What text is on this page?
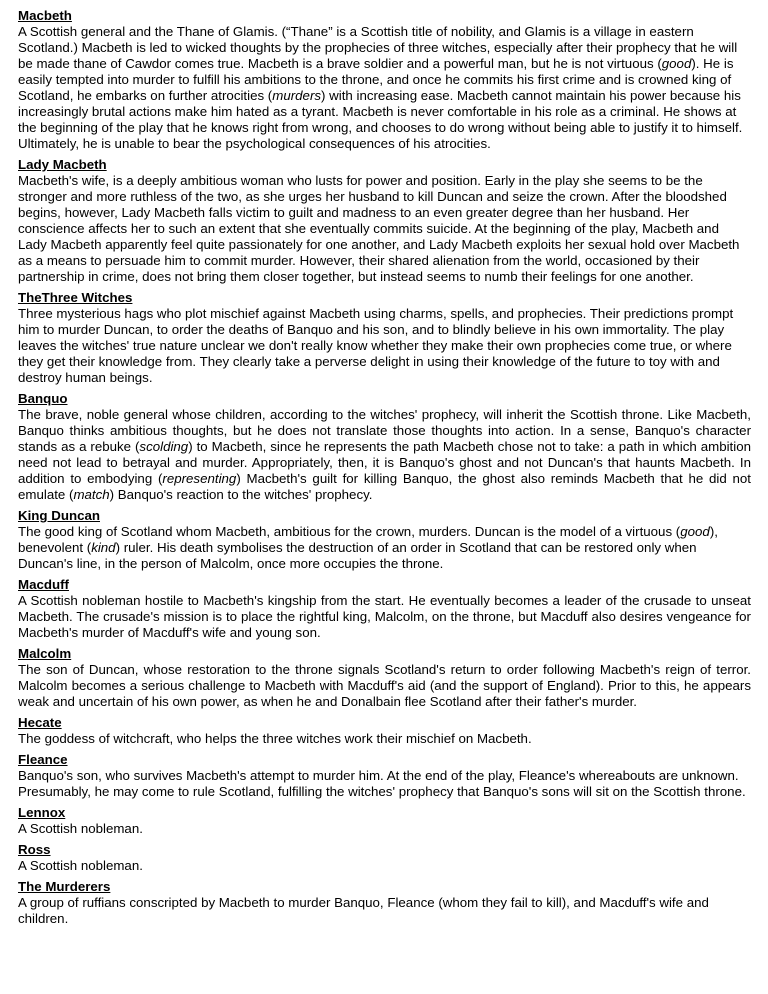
Macbeth
A Scottish general and the Thane of Glamis. (“Thane” is a Scottish title of nobility, and Glamis is a village in eastern Scotland.) Macbeth is led to wicked thoughts by the prophecies of three witches, especially after their prophecy that he will be made thane of Cawdor comes true. Macbeth is a brave soldier and a powerful man, but he is not virtuous (good). He is easily tempted into murder to fulfill his ambitions to the throne, and once he commits his first crime and is crowned king of Scotland, he embarks on further atrocities (murders) with increasing ease. Macbeth cannot maintain his power because his increasingly brutal actions make him hated as a tyrant. Macbeth is never comfortable in his role as a criminal. He shows at the beginning of the play that he knows right from wrong, and chooses to do wrong without being able to justify it to himself. Ultimately, he is unable to bear the psychological consequences of his atrocities.
Lady Macbeth
Macbeth's wife, is a deeply ambitious woman who lusts for power and position. Early in the play she seems to be the stronger and more ruthless of the two, as she urges her husband to kill Duncan and seize the crown. After the bloodshed begins, however, Lady Macbeth falls victim to guilt and madness to an even greater degree than her husband. Her conscience affects her to such an extent that she eventually commits suicide. At the beginning of the play, Macbeth and Lady Macbeth apparently feel quite passionately for one another, and Lady Macbeth exploits her sexual hold over Macbeth as a means to persuade him to commit murder. However, their shared alienation from the world, occasioned by their partnership in crime, does not bring them closer together, but instead seems to numb their feelings for one another.
TheThree Witches
Three mysterious hags who plot mischief against Macbeth using charms, spells, and prophecies. Their predictions prompt him to murder Duncan, to order the deaths of Banquo and his son, and to blindly believe in his own immortality. The play leaves the witches' true nature unclear we don't really know whether they make their own prophecies come true, or where they get their knowledge from. They clearly take a perverse delight in using their knowledge of the future to toy with and destroy human beings.
Banquo
The brave, noble general whose children, according to the witches' prophecy, will inherit the Scottish throne. Like Macbeth, Banquo thinks ambitious thoughts, but he does not translate those thoughts into action. In a sense, Banquo's character stands as a rebuke (scolding) to Macbeth, since he represents the path Macbeth chose not to take: a path in which ambition need not lead to betrayal and murder. Appropriately, then, it is Banquo's ghost and not Duncan's that haunts Macbeth. In addition to embodying (representing) Macbeth's guilt for killing Banquo, the ghost also reminds Macbeth that he did not emulate (match) Banquo's reaction to the witches' prophecy.
King Duncan
The good king of Scotland whom Macbeth, ambitious for the crown, murders. Duncan is the model of a virtuous (good), benevolent (kind) ruler. His death symbolises the destruction of an order in Scotland that can be restored only when Duncan's line, in the person of Malcolm, once more occupies the throne.
Macduff
A Scottish nobleman hostile to Macbeth's kingship from the start. He eventually becomes a leader of the crusade to unseat Macbeth. The crusade's mission is to place the rightful king, Malcolm, on the throne, but Macduff also desires vengeance for Macbeth's murder of Macduff's wife and young son.
Malcolm
The son of Duncan, whose restoration to the throne signals Scotland's return to order following Macbeth's reign of terror. Malcolm becomes a serious challenge to Macbeth with Macduff's aid (and the support of England). Prior to this, he appears weak and uncertain of his own power, as when he and Donalbain flee Scotland after their father's murder.
Hecate
The goddess of witchcraft, who helps the three witches work their mischief on Macbeth.
Fleance
Banquo's son, who survives Macbeth's attempt to murder him. At the end of the play, Fleance's whereabouts are unknown. Presumably, he may come to rule Scotland, fulfilling the witches' prophecy that Banquo's sons will sit on the Scottish throne.
Lennox
A Scottish nobleman.
Ross
A Scottish nobleman.
The Murderers
A group of ruffians conscripted by Macbeth to murder Banquo, Fleance (whom they fail to kill), and Macduff's wife and children.
